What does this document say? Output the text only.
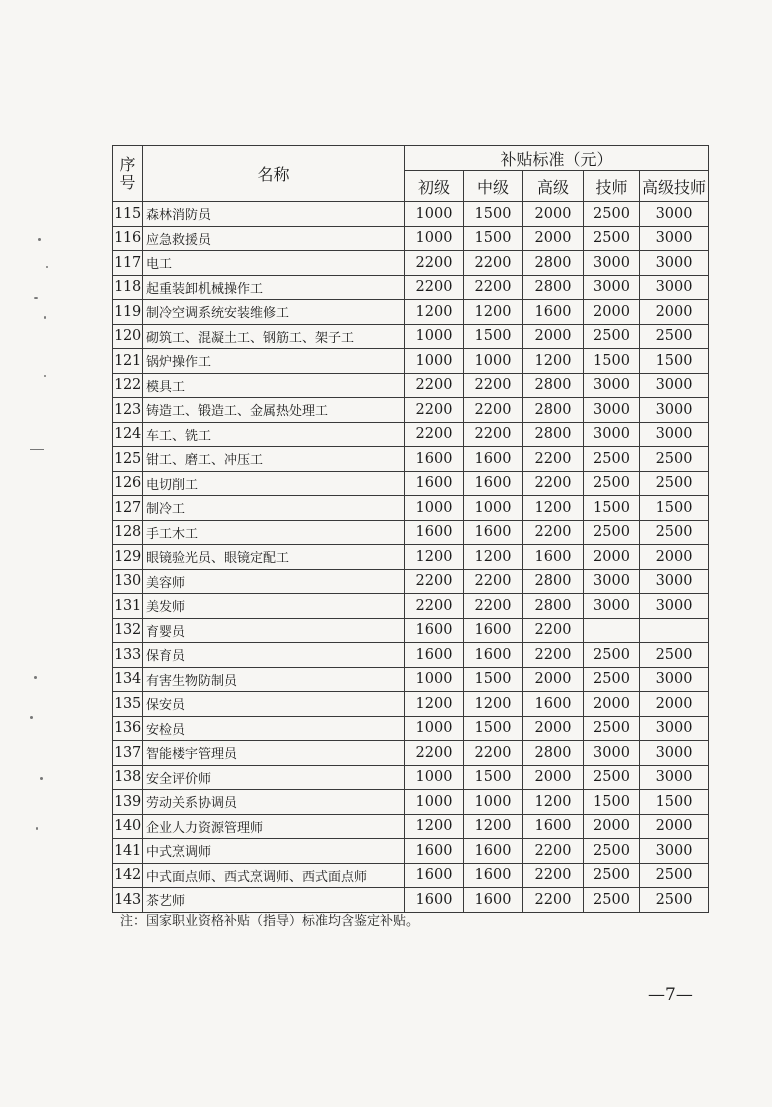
序号	名称	补贴标准（元）				
		初级	中级	高级	技师	高级技师
115	森林消防员	1000	1500	2000	2500	3000
116	应急救援员	1000	1500	2000	2500	3000
117	电工	2200	2200	2800	3000	3000
118	起重装卸机械操作工	2200	2200	2800	3000	3000
119	制冷空调系统安装维修工	1200	1200	1600	2000	2000
120	砌筑工、混凝土工、钢筋工、架子工	1000	1500	2000	2500	2500
121	锅炉操作工	1000	1000	1200	1500	1500
122	模具工	2200	2200	2800	3000	3000
123	铸造工、锻造工、金属热处理工	2200	2200	2800	3000	3000
124	车工、铣工	2200	2200	2800	3000	3000
125	钳工、磨工、冲压工	1600	1600	2200	2500	2500
126	电切削工	1600	1600	2200	2500	2500
127	制冷工	1000	1000	1200	1500	1500
128	手工木工	1600	1600	2200	2500	2500
129	眼镜验光员、眼镜定配工	1200	1200	1600	2000	2000
130	美容师	2200	2200	2800	3000	3000
131	美发师	2200	2200	2800	3000	3000
132	育婴员	1600	1600	2200		
133	保育员	1600	1600	2200	2500	2500
134	有害生物防制员	1000	1500	2000	2500	3000
135	保安员	1200	1200	1600	2000	2000
136	安检员	1000	1500	2000	2500	3000
137	智能楼宇管理员	2200	2200	2800	3000	3000
138	安全评价师	1000	1500	2000	2500	3000
139	劳动关系协调员	1000	1000	1200	1500	1500
140	企业人力资源管理师	1200	1200	1600	2000	2000
141	中式烹调师	1600	1600	2200	2500	3000
142	中式面点师、西式烹调师、西式面点师	1600	1600	2200	2500	2500
143	茶艺师	1600	1600	2200	2500	2500
注：国家职业资格补贴（指导）标准均含鉴定补贴。
—7—
